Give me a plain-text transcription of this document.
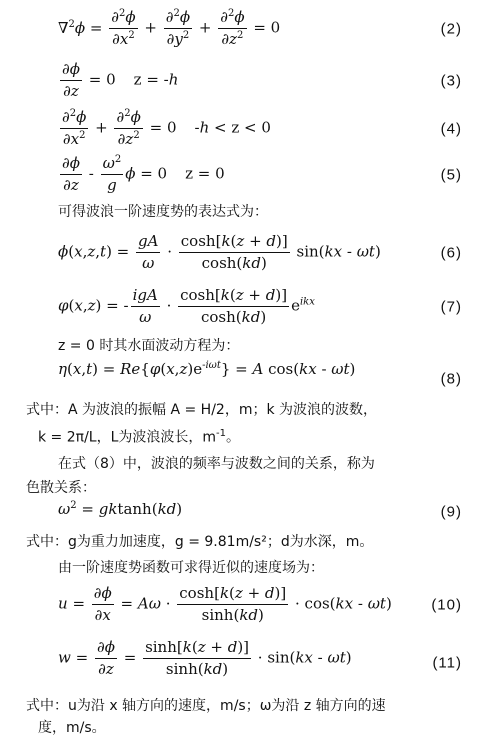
$\nabla^2\phi = \frac{\partial^2\phi}{\partial x^2} + \frac{\partial^2\phi}{\partial y^2} + \frac{\partial^2\phi}{\partial z^2} = 0$	(2)
$\frac{\partial\phi}{\partial z} = 0$ z = -h	(3)
$\frac{\partial^2\phi}{\partial x^2} + \frac{\partial^2\phi}{\partial z^2} = 0$ -h < z < 0	(4)
$\frac{\partial\phi}{\partial z} - \frac{\omega^2}{g}$ ϕ = 0 z = 0	(5)
可得波浪一阶速度势的表达式为：
$\phi(x,z,t) = \frac{gA}{\omega} \cdot \frac{\cosh[k(z + d)]}{\cosh(kd)} \sin(kx - \omega t)$	(6)
φ(x,z) = - $\frac{\text{igA}}{\omega} \cdot \frac{\cosh[k(z + d)]}{\cosh(kd)} e^{ikx}$	(7)
z = 0 时其水面波动方程为：
$\eta(x,t) = Re\{\varphi(x,z)e^{-i\omega t}\} = A$ cos(kx - ωt)
(8)
式中：A 为波浪的振幅 A = H/2，m；k 为波浪的波数，
k = 2π/L，L为波浪波长，$m^{-1}$。
在式（8）中，波浪的频率与波数之间的关系，称为
色散关系：
$\omega^2 = gktanh(kd)$	(9)
式中：g为重力加速度，g = 9.81m/s²；d为水深，m。
由一阶速度势函数可求得近似的速度场为：
$u = \frac{\partial\phi}{\partial x} = A\omega \cdot \frac{\cosh[k(z + d)]}{\sinh(kd)} \cdot \cos(kx - \omega t)$	(10)
$w = \frac{\partial\phi}{\partial z} = \frac{\sinh[k(z + d)]}{\sinh(kd)} \cdot \sin(kx - \omega t)$	(11)
式中：u为沿 x 轴方向的速度，m/s；ω为沿 z 轴方向的速
度，m/s。
